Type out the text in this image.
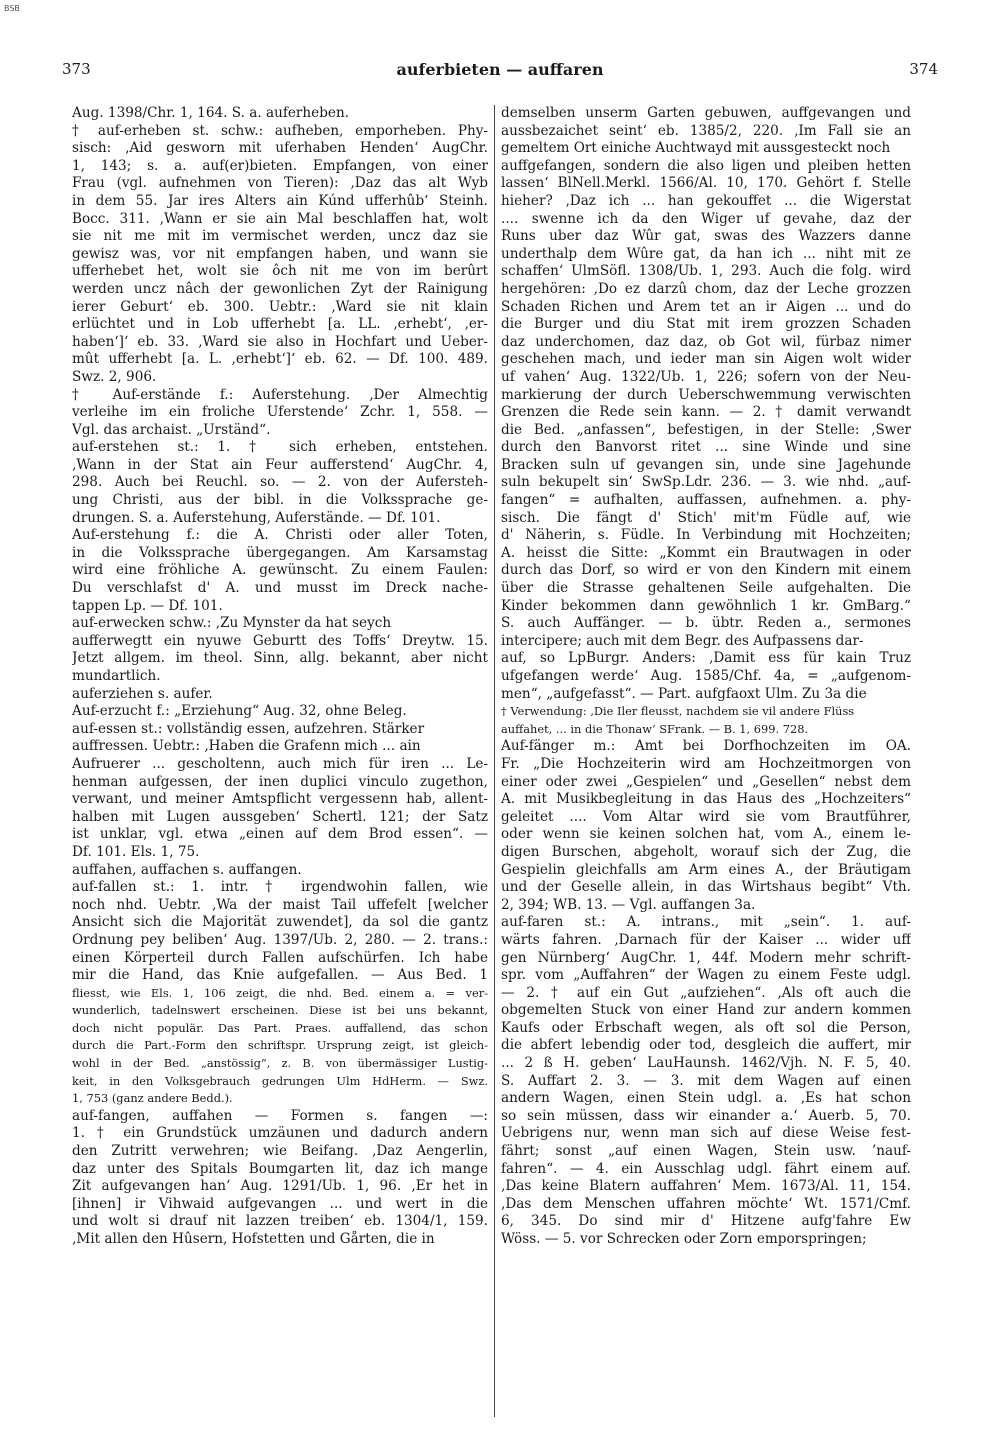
BSB
373	auferbieten — auffaren	374
Aug. 1398/Chr. 1, 164. S. a. auferheben.
† auf-erheben st. schw.: aufheben, emporheben. Phy-
sisch: ‚Aid gesworn mit uferhaben Henden‘ AugChr.
1, 143; s. a. auf(er)bieten. Empfangen, von einer
Frau (vgl. aufnehmen von Tieren): ‚Daz das alt Wyb
in dem 55. Jar ires Alters ain Kúnd ufferhûb‘ Steinh.
Bocc. 311. ‚Wann er sie ain Mal beschlaffen hat, wolt
sie nit me mit im vermischet werden, uncz daz sie
gewisz was, vor nit empfangen haben, und wann sie
ufferhebet het, wolt sie ôch nit me von im berûrt
werden uncz nâch der gewonlichen Zyt der Rainigung
ierer Geburt‘ eb. 300. Uebtr.: ‚Ward sie nit klain
erlüchtet und in Lob ufferhebt [a. LL. ‚erhebt‘, ‚er-
haben‘]‘ eb. 33. ‚Ward sie also in Hochfart und Ueber-
mût ufferhebt [a. L. ‚erhebt‘]‘ eb. 62. — Df. 100. 489.
Swz. 2, 906.
† Auf-erstände f.: Auferstehung. ‚Der Almechtig
verleihe im ein froliche Uferstende‘ Zchr. 1, 558. —
Vgl. das archaist. „Urständ“.
auf-erstehen st.: 1. † sich erheben, entstehen.
‚Wann in der Stat ain Feur aufferstend‘ AugChr. 4,
298. Auch bei Reuchl. so. — 2. von der Aufersteh-
ung Christi, aus der bibl. in die Volkssprache ge-
drungen. S. a. Auferstehung, Auferstände. — Df. 101.
Auf-erstehung f.: die A. Christi oder aller Toten,
in die Volkssprache übergegangen. Am Karsamstag
wird eine fröhliche A. gewünscht. Zu einem Faulen:
Du verschlafst d' A. und musst im Dreck nache-
tappen Lp. — Df. 101.
auf-erwecken schw.: ‚Zu Mynster da hat seych
aufferwegtt ein nyuwe Geburtt des Toffs‘ Dreytw. 15.
Jetzt allgem. im theol. Sinn, allg. bekannt, aber nicht
mundartlich.
auferziehen s. aufer.
Auf-erzucht f.: „Erziehung“ Aug. 32, ohne Beleg.
auf-essen st.: vollständig essen, aufzehren. Stärker
auffressen. Uebtr.: ‚Haben die Grafenn mich ... ain
Aufruerer ... gescholtenn, auch mich für iren ... Le-
henman aufgessen, der inen duplici vinculo zugethon,
verwant, und meiner Amtspflicht vergessenn hab, allent-
halben mit Lugen aussgeben‘ Schertl. 121; der Satz
ist unklar, vgl. etwa „einen auf dem Brod essen“. —
Df. 101. Els. 1, 75.
auffahen, auffachen s. auffangen.
auf-fallen st.: 1. intr. † irgendwohin fallen, wie
noch nhd. Uebtr. ‚Wa der maist Tail uffefelt [welcher
Ansicht sich die Majorität zuwendet], da sol die gantz
Ordnung pey beliben‘ Aug. 1397/Ub. 2, 280. — 2. trans.:
einen Körperteil durch Fallen aufschürfen. Ich habe
mir die Hand, das Knie aufgefallen. — Aus Bed. 1
fliesst, wie Els. 1, 106 zeigt, die nhd. Bed. einem a. = ver-
wunderlich, tadelnswert erscheinen. Diese ist bei uns bekannt,
doch nicht populär. Das Part. Praes. auffallend, das schon
durch die Part.-Form den schriftspr. Ursprung zeigt, ist gleich-
wohl in der Bed. „anstössig“, z. B. von übermässiger Lustig-
keit, in den Volksgebrauch gedrungen Ulm HdHerm. — Swz.
1, 753 (ganz andere Bedd.).
auf-fangen, auffahen — Formen s. fangen —:
1. † ein Grundstück umzäunen und dadurch andern
den Zutritt verwehren; wie Beifang. ‚Daz Aengerlin,
daz unter des Spitals Boumgarten lit, daz ich mange
Zit aufgevangen han‘ Aug. 1291/Ub. 1, 96. ‚Er het in
[ihnen] ir Vihwaid aufgevangen ... und wert in die
und wolt si drauf nit lazzen treiben‘ eb. 1304/1, 159.
‚Mit allen den Hûsern, Hofstetten und Gårten, die in
demselben unserm Garten gebuwen, auffgevangen und
aussbezaichet seint‘ eb. 1385/2, 220. ‚Im Fall sie an
gemeltem Ort einiche Auchtwayd mit aussgesteckt noch
auffgefangen, sondern die also ligen und pleiben hetten
lassen‘ BlNell.Merkl. 1566/Al. 10, 170. Gehört f. Stelle
hieher? ‚Daz ich ... han gekouffet ... die Wigerstat
.... swenne ich da den Wiger uf gevahe, daz der
Runs uber daz Wûr gat, swas des Wazzers danne
underthalp dem Wûre gat, da han ich ... niht mit ze
schaffen‘ UlmSöfl. 1308/Ub. 1, 293. Auch die folg. wird
hergehören: ‚Do ez darzû chom, daz der Leche grozzen
Schaden Richen und Arem tet an ir Aigen ... und do
die Burger und diu Stat mit irem grozzen Schaden
daz underchomen, daz daz, ob Got wil, fürbaz nimer
geschehen mach, und ieder man sin Aigen wolt wider
uf vahen‘ Aug. 1322/Ub. 1, 226; sofern von der Neu-
markierung der durch Ueberschwemmung verwischten
Grenzen die Rede sein kann. — 2. † damit verwandt
die Bed. „anfassen“, befestigen, in der Stelle: ‚Swer
durch den Banvorst ritet ... sine Winde und sine
Bracken suln uf gevangen sin, unde sine Jagehunde
suln bekupelt sin‘ SwSp.Ldr. 236. — 3. wie nhd. „auf-
fangen“ = aufhalten, auffassen, aufnehmen. a. phy-
sisch. Die fängt d' Stich' mit'm Füdle auf, wie
d' Näherin, s. Füdle. In Verbindung mit Hochzeiten;
A. heisst die Sitte: „Kommt ein Brautwagen in oder
durch das Dorf, so wird er von den Kindern mit einem
über die Strasse gehaltenen Seile aufgehalten. Die
Kinder bekommen dann gewöhnlich 1 kr. GmBarg.“
S. auch Auffänger. — b. übtr. Reden a., sermones
intercipere; auch mit dem Begr. des Aufpassens dar-
auf, so LpBurgr. Anders: ‚Damit ess für kain Truz
ufgefangen werde‘ Aug. 1585/Chf. 4a, = „aufgenom-
men“, „aufgefasst“. — Part. aufgfaoxt Ulm. Zu 3a die
† Verwendung: ‚Die Iler fleusst, nachdem sie vil andere Flüss
auffahet, ... in die Thonaw‘ SFrank. — B. 1, 699. 728.
Auf-fänger m.: Amt bei Dorfhochzeiten im OA.
Fr. „Die Hochzeiterin wird am Hochzeitmorgen von
einer oder zwei „Gespielen“ und „Gesellen“ nebst dem
A. mit Musikbegleitung in das Haus des „Hochzeiters“
geleitet .... Vom Altar wird sie vom Brautführer,
oder wenn sie keinen solchen hat, vom A., einem le-
digen Burschen, abgeholt, worauf sich der Zug, die
Gespielin gleichfalls am Arm eines A., der Bräutigam
und der Geselle allein, in das Wirtshaus begibt“ Vth.
2, 394; WB. 13. — Vgl. auffangen 3a.
auf-faren st.: A. intrans., mit „sein“. 1. auf-
wärts fahren. ‚Darnach für der Kaiser ... wider uff
gen Nürnberg‘ AugChr. 1, 44f. Modern mehr schrift-
spr. vom „Auffahren“ der Wagen zu einem Feste udgl.
— 2. † auf ein Gut „aufziehen“. ‚Als oft auch die
obgemelten Stuck von einer Hand zur andern kommen
Kaufs oder Erbschaft wegen, als oft sol die Person,
die abfert lebendig oder tod, desgleich die auffert, mir
... 2 ß H. geben‘ LauHaunsh. 1462/Vjh. N. F. 5, 40.
S. Auffart 2. 3. — 3. mit dem Wagen auf einen
andern Wagen, einen Stein udgl. a. ‚Es hat schon
so sein müssen, dass wir einander a.‘ Auerb. 5, 70.
Uebrigens nur, wenn man sich auf diese Weise fest-
fährt; sonst „auf einen Wagen, Stein usw. ’nauf-
fahren“. — 4. ein Ausschlag udgl. fährt einem auf.
‚Das keine Blatern auffahren‘ Mem. 1673/Al. 11, 154.
‚Das dem Menschen uffahren möchte‘ Wt. 1571/Cmf.
6, 345. Do sind mir d' Hitzene aufg'fahre Ew
Wöss. — 5. vor Schrecken oder Zorn emporspringen;
